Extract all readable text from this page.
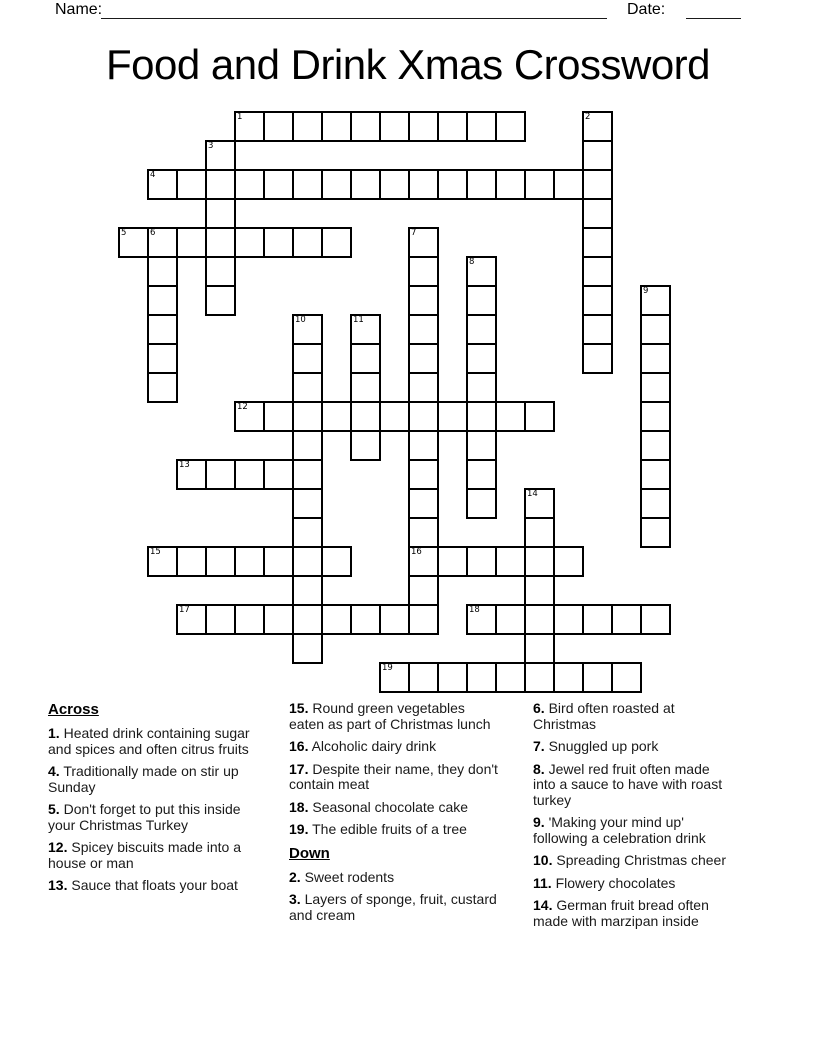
Name:	Date:
Food and Drink Xmas Crossword
1	2
3
4
5	6	7
16
8
9
10	11
12
13
14
15
17	18
19
Across
1. Heated drink containing sugar and spices and often citrus fruits
4. Traditionally made on stir up Sunday
5. Don't forget to put this inside your Christmas Turkey
12. Spicey biscuits made into a house or man
13. Sauce that floats your boat
15. Round green vegetables eaten as part of Christmas lunch
16. Alcoholic dairy drink
17. Despite their name, they don't contain meat
18. Seasonal chocolate cake
19. The edible fruits of a tree
Down
2. Sweet rodents
3. Layers of sponge, fruit, custard and cream
6. Bird often roasted at Christmas
7. Snuggled up pork
8. Jewel red fruit often made into a sauce to have with roast turkey
9. 'Making your mind up' following a celebration drink
10. Spreading Christmas cheer
11. Flowery chocolates
14. German fruit bread often made with marzipan inside
